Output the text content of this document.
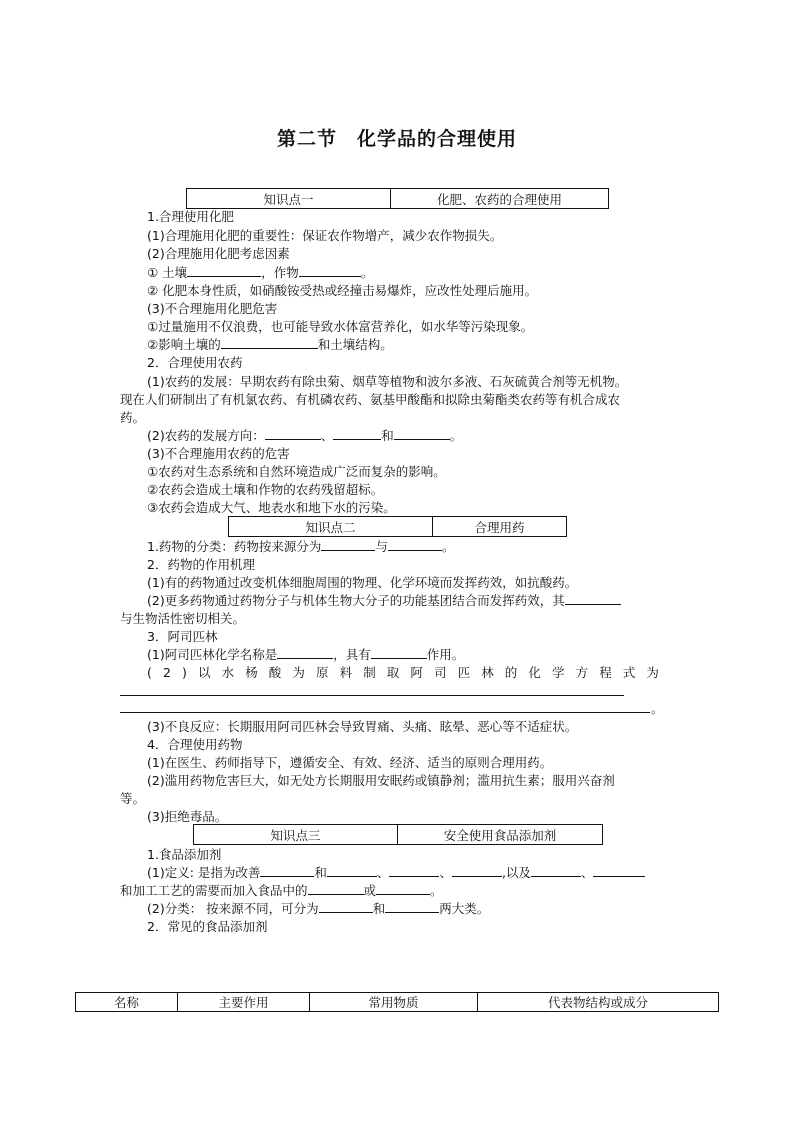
第二节　化学品的合理使用
知识点一	化肥、农药的合理使用
1.合理使用化肥
(1)合理施用化肥的重要性：保证农作物增产，减少农作物损失。
(2)合理施用化肥考虑因素
① 土壤	，作物	。
② 化肥本身性质，如硝酸铵受热或经撞击易爆炸，应改性处理后施用。
(3)不合理施用化肥危害
①过量施用不仅浪费，也可能导致水体富营养化，如水华等污染现象。
②影响土壤的	和土壤结构。
2．合理使用农药
(1)农药的发展：早期农药有除虫菊、烟草等植物和波尔多液、石灰硫黄合剂等无机物。
现在人们研制出了有机氯农药、有机磷农药、氨基甲酸酯和拟除虫菊酯类农药等有机合成农
药。
(2)农药的发展方向：	、	和	。
(3)不合理施用农药的危害
①农药对生态系统和自然环境造成广泛而复杂的影响。
②农药会造成土壤和作物的农药残留超标。
③农药会造成大气、地表水和地下水的污染。
知识点二	合理用药
1.药物的分类：药物按来源分为	与	。
2．药物的作用机理
(1)有的药物通过改变机体细胞周围的物理、化学环境而发挥药效，如抗酸药。
(2)更多药物通过药物分子与机体生物大分子的功能基团结合而发挥药效，其
与生物活性密切相关。
3．阿司匹林
(1)阿司匹林化学名称是	，具有	作用。
(2)以水杨酸为原料制取阿司匹林的化学方程式为
。
(3)不良反应：长期服用阿司匹林会导致胃痛、头痛、眩晕、恶心等不适症状。
4．合理使用药物
(1)在医生、药师指导下，遵循安全、有效、经济、适当的原则合理用药。
(2)滥用药物危害巨大，如无处方长期服用安眠药或镇静剂；滥用抗生素；服用兴奋剂
等。
(3)拒绝毒品。
知识点三	安全使用食品添加剂
1.食品添加剂
(1)定义: 是指为改善	和	、	、	,以及	、
和加工工艺的需要而加入食品中的	或	。
(2)分类： 按来源不同，可分为	和	两大类。
2．常见的食品添加剂
名称	主要作用	常用物质	代表物结构或成分
